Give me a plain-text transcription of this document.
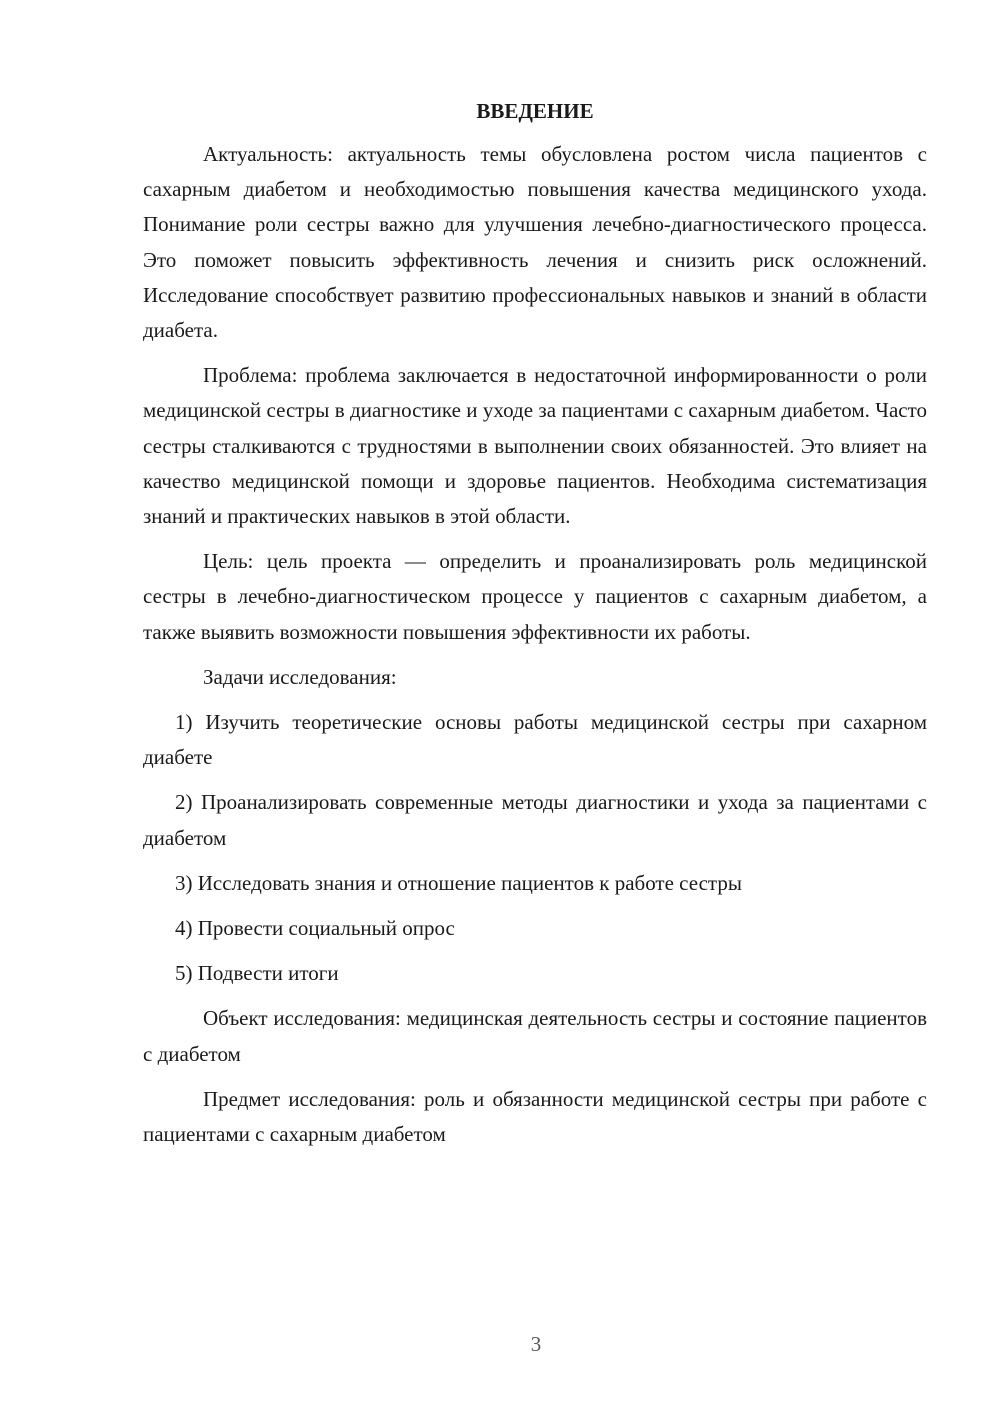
ВВЕДЕНИЕ

Актуальность: актуальность темы обусловлена ростом числа пациентов с сахарным диабетом и необходимостью повышения качества медицинского ухода. Понимание роли сестры важно для улучшения лечебно-диагностического процесса. Это поможет повысить эффективность лечения и снизить риск осложнений. Исследование способствует развитию профессиональных навыков и знаний в области диабета.

Проблема: проблема заключается в недостаточной информированности о роли медицинской сестры в диагностике и уходе за пациентами с сахарным диабетом. Часто сестры сталкиваются с трудностями в выполнении своих обязанностей. Это влияет на качество медицинской помощи и здоровье пациентов. Необходима систематизация знаний и практических навыков в этой области.

Цель: цель проекта — определить и проанализировать роль медицинской сестры в лечебно-диагностическом процессе у пациентов с сахарным диабетом, а также выявить возможности повышения эффективности их работы.

Задачи исследования:

1) Изучить теоретические основы работы медицинской сестры при сахарном диабете

2) Проанализировать современные методы диагностики и ухода за пациентами с диабетом

3) Исследовать знания и отношение пациентов к работе сестры

4) Провести социальный опрос

5) Подвести итоги

Объект исследования: медицинская деятельность сестры и состояние пациентов с диабетом

Предмет исследования: роль и обязанности медицинской сестры при работе с пациентами с сахарным диабетом

3
